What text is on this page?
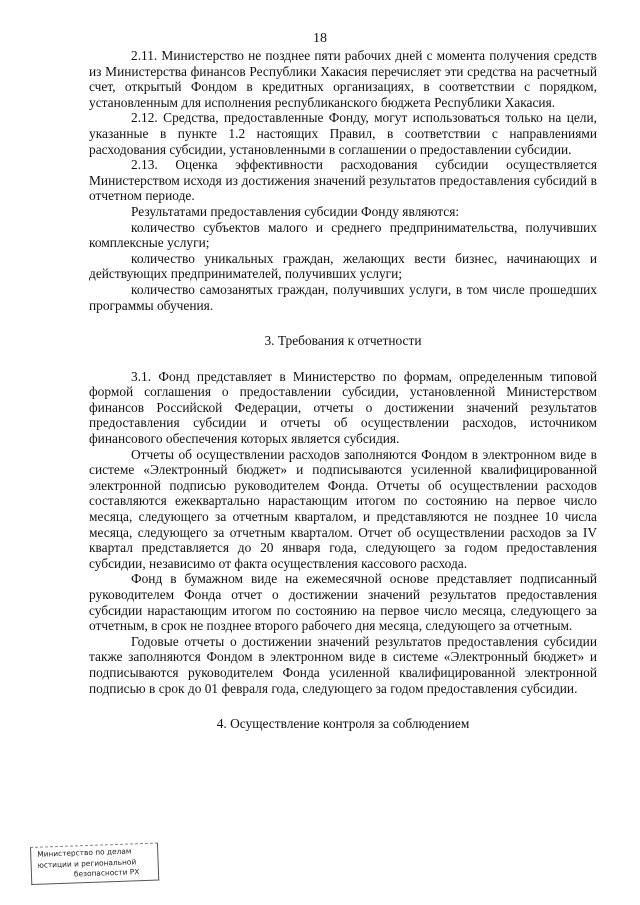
18

2.11. Министерство не позднее пяти рабочих дней с момента получения средств из Министерства финансов Республики Хакасия перечисляет эти средства на расчетный счет, открытый Фондом в кредитных организациях, в соответствии с порядком, установленным для исполнения республиканского бюджета Республики Хакасия.

2.12. Средства, предоставленные Фонду, могут использоваться только на цели, указанные в пункте 1.2 настоящих Правил, в соответствии с направлениями расходования субсидии, установленными в соглашении о предоставлении субсидии.

2.13. Оценка эффективности расходования субсидии осуществляется Министерством исходя из достижения значений результатов предоставления субсидий в отчетном периоде.

Результатами предоставления субсидии Фонду являются:

количество субъектов малого и среднего предпринимательства, получивших комплексные услуги;

количество уникальных граждан, желающих вести бизнес, начинающих и действующих предпринимателей, получивших услуги;

количество самозанятых граждан, получивших услуги, в том числе прошедших программы обучения.

3. Требования к отчетности

3.1. Фонд представляет в Министерство по формам, определенным типовой формой соглашения о предоставлении субсидии, установленной Министерством финансов Российской Федерации, отчеты о достижении значений результатов предоставления субсидии и отчеты об осуществлении расходов, источником финансового обеспечения которых является субсидия.

Отчеты об осуществлении расходов заполняются Фондом в электронном виде в системе «Электронный бюджет» и подписываются усиленной квалифицированной электронной подписью руководителем Фонда. Отчеты об осуществлении расходов составляются ежеквартально нарастающим итогом по состоянию на первое число месяца, следующего за отчетным кварталом, и представляются не позднее 10 числа месяца, следующего за отчетным кварталом. Отчет об осуществлении расходов за IV квартал представляется до 20 января года, следующего за годом предоставления субсидии, независимо от факта осуществления кассового расхода.

Фонд в бумажном виде на ежемесячной основе представляет подписанный руководителем Фонда отчет о достижении значений результатов предоставления субсидии нарастающим итогом по состоянию на первое число месяца, следующего за отчетным, в срок не позднее второго рабочего дня месяца, следующего за отчетным.

Годовые отчеты о достижении значений результатов предоставления субсидии также заполняются Фондом в электронном виде в системе «Электронный бюджет» и подписываются руководителем Фонда усиленной квалифицированной электронной подписью в срок до 01 февраля года, следующего за годом предоставления субсидии.

4. Осуществление контроля за соблюдением

Министерство по делам
юстиции и региональной
безопасности РХ
